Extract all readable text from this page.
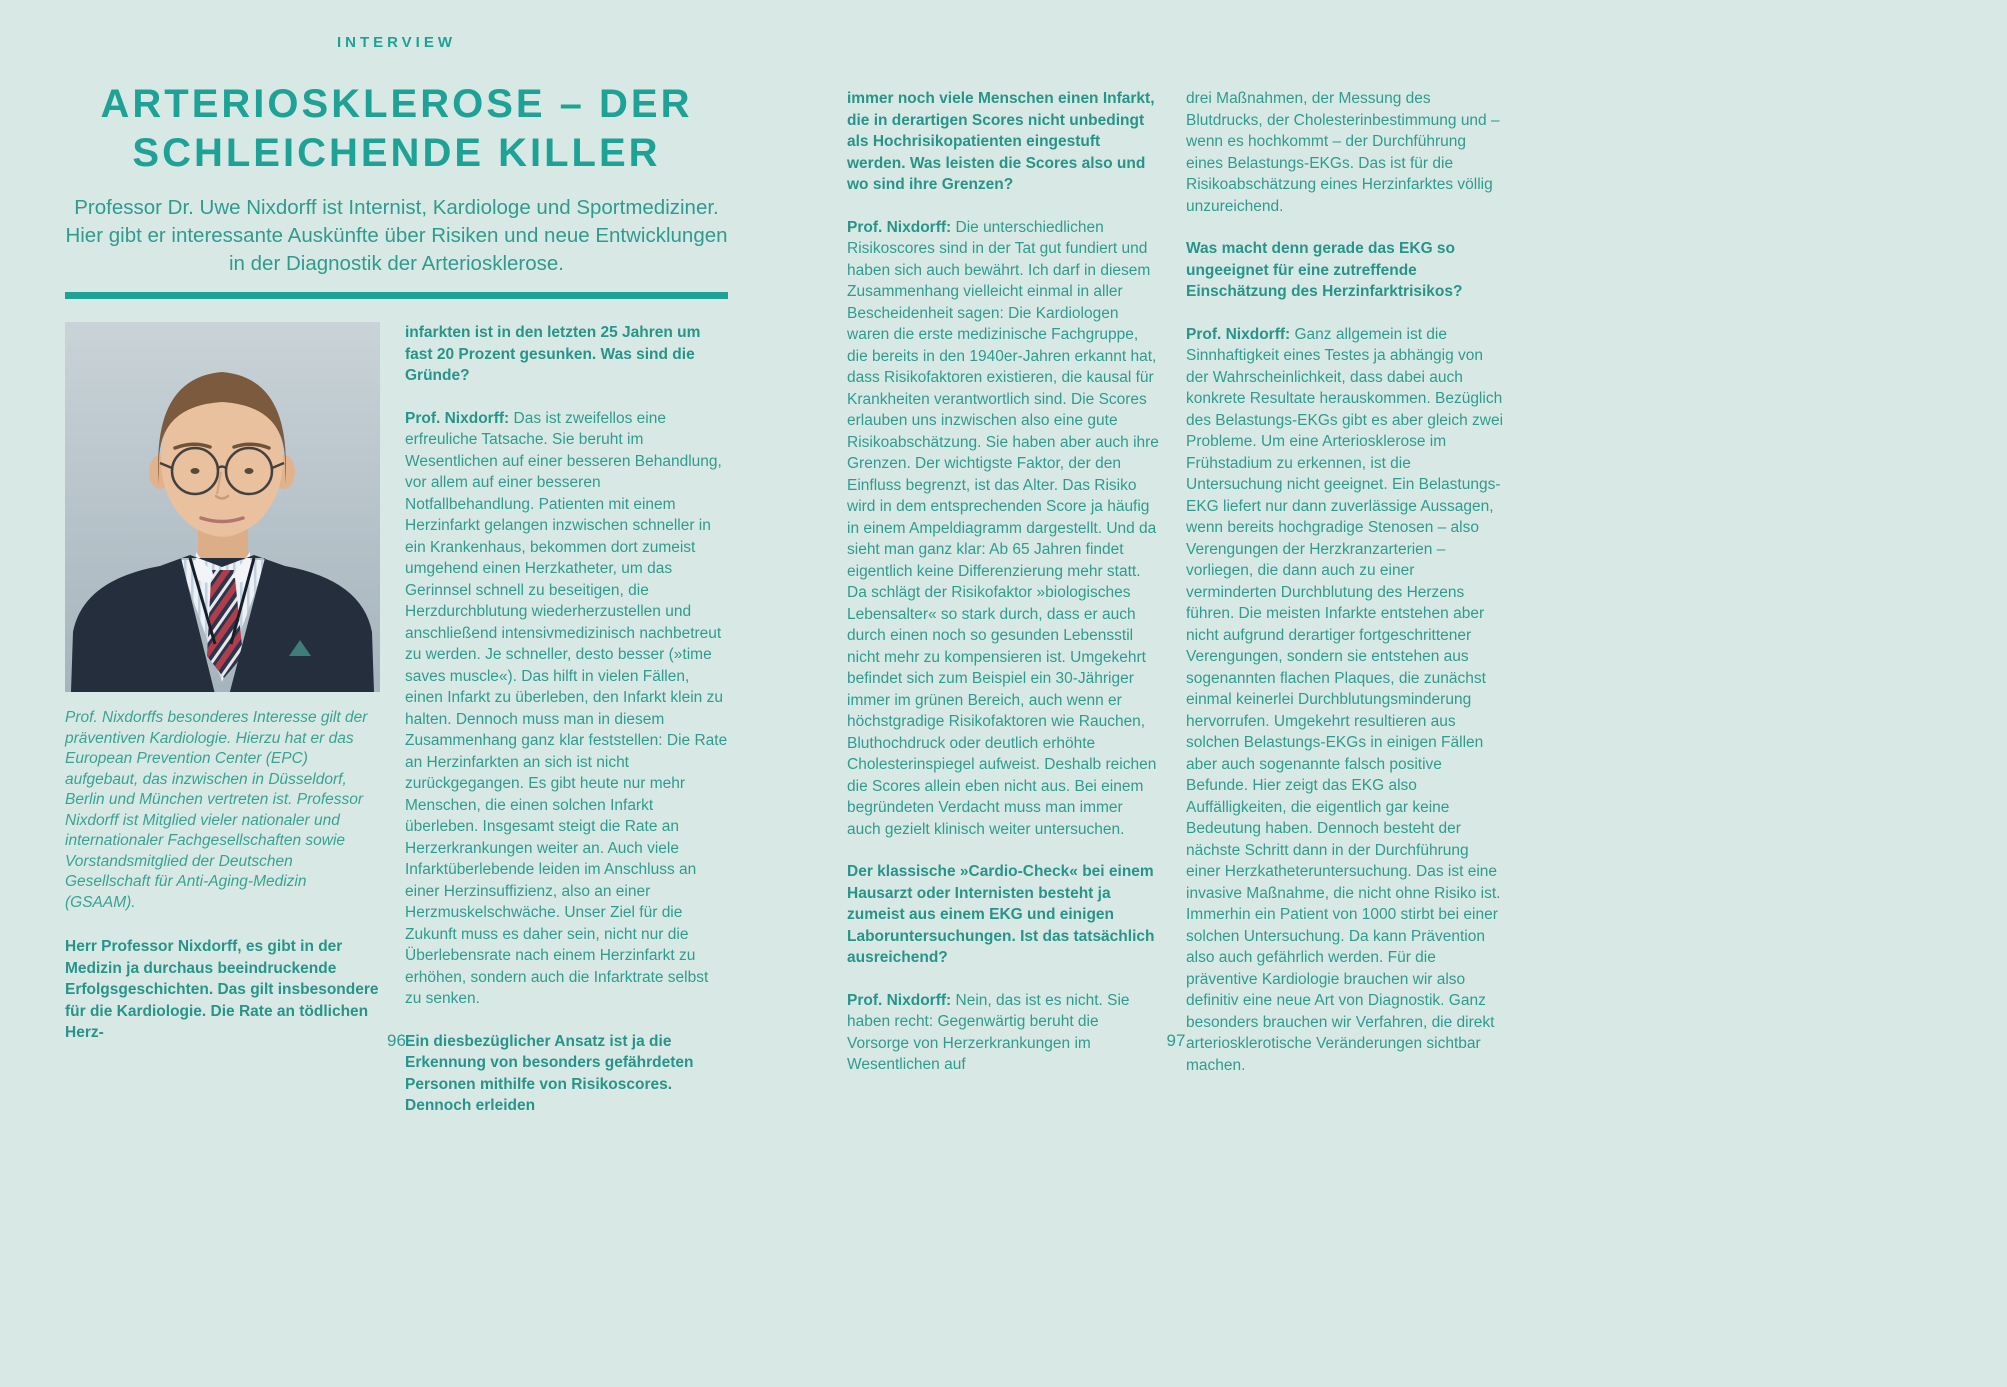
INTERVIEW
ARTERIOSKLEROSE – DER
SCHLEICHENDE KILLER

Professor Dr. Uwe Nixdorff ist Internist, Kardiologe und Sportmediziner. Hier gibt er interessante Auskünfte über Risiken und neue Entwicklungen in der Diagnostik der Arteriosklerose.

Prof. Nixdorffs besonderes Interesse gilt der präventiven Kardiologie. Hierzu hat er das European Prevention Center (EPC) aufgebaut, das inzwischen in Düsseldorf, Berlin und München vertreten ist. Professor Nixdorff ist Mitglied vieler nationaler und internationaler Fachgesellschaften sowie Vorstandsmitglied der Deutschen Gesellschaft für Anti-Aging-Medizin (GSAAM).

Herr Professor Nixdorff, es gibt in der Medizin ja durchaus beeindruckende Erfolgsgeschichten. Das gilt insbesondere für die Kardiologie. Die Rate an tödlichen Herz-

infarkten ist in den letzten 25 Jahren um fast 20 Prozent gesunken. Was sind die Gründe?

Prof. Nixdorff: Das ist zweifellos eine erfreuliche Tatsache. Sie beruht im Wesentlichen auf einer besseren Behandlung, vor allem auf einer besseren Notfallbehandlung. Patienten mit einem Herzinfarkt gelangen inzwischen schneller in ein Krankenhaus, bekommen dort zumeist umgehend einen Herzkatheter, um das Gerinnsel schnell zu beseitigen, die Herzdurchblutung wiederherzustellen und anschließend intensivmedizinisch nachbetreut zu werden. Je schneller, desto besser (»time saves muscle«). Das hilft in vielen Fällen, einen Infarkt zu überleben, den Infarkt klein zu halten. Dennoch muss man in diesem Zusammenhang ganz klar feststellen: Die Rate an Herzinfarkten an sich ist nicht zurückgegangen. Es gibt heute nur mehr Menschen, die einen solchen Infarkt überleben. Insgesamt steigt die Rate an Herzerkrankungen weiter an. Auch viele Infarktüberlebende leiden im Anschluss an einer Herzinsuffizienz, also an einer Herzmuskelschwäche. Unser Ziel für die Zukunft muss es daher sein, nicht nur die Überlebensrate nach einem Herzinfarkt zu erhöhen, sondern auch die Infarktrate selbst zu senken.

Ein diesbezüglicher Ansatz ist ja die Erkennung von besonders gefährdeten Personen mithilfe von Risikoscores. Dennoch erleiden

96

immer noch viele Menschen einen Infarkt, die in derartigen Scores nicht unbedingt als Hochrisikopatienten eingestuft werden. Was leisten die Scores also und wo sind ihre Grenzen?

Prof. Nixdorff: Die unterschiedlichen Risikoscores sind in der Tat gut fundiert und haben sich auch bewährt. Ich darf in diesem Zusammenhang vielleicht einmal in aller Bescheidenheit sagen: Die Kardiologen waren die erste medizinische Fachgruppe, die bereits in den 1940er-Jahren erkannt hat, dass Risikofaktoren existieren, die kausal für Krankheiten verantwortlich sind. Die Scores erlauben uns inzwischen also eine gute Risikoabschätzung. Sie haben aber auch ihre Grenzen. Der wichtigste Faktor, der den Einfluss begrenzt, ist das Alter. Das Risiko wird in dem entsprechenden Score ja häufig in einem Ampeldiagramm dargestellt. Und da sieht man ganz klar: Ab 65 Jahren findet eigentlich keine Differenzierung mehr statt. Da schlägt der Risikofaktor »biologisches Lebensalter« so stark durch, dass er auch durch einen noch so gesunden Lebensstil nicht mehr zu kompensieren ist. Umgekehrt befindet sich zum Beispiel ein 30-Jähriger immer im grünen Bereich, auch wenn er höchstgradige Risikofaktoren wie Rauchen, Bluthochdruck oder deutlich erhöhte Cholesterinspiegel aufweist. Deshalb reichen die Scores allein eben nicht aus. Bei einem begründeten Verdacht muss man immer auch gezielt klinisch weiter untersuchen.

Der klassische »Cardio-Check« bei einem Hausarzt oder Internisten besteht ja zumeist aus einem EKG und einigen Laboruntersuchungen. Ist das tatsächlich ausreichend?

Prof. Nixdorff: Nein, das ist es nicht. Sie haben recht: Gegenwärtig beruht die Vorsorge von Herzerkrankungen im Wesentlichen auf

drei Maßnahmen, der Messung des Blutdrucks, der Cholesterinbestimmung und – wenn es hochkommt – der Durchführung eines Belastungs-EKGs. Das ist für die Risikoabschätzung eines Herzinfarktes völlig unzureichend.

Was macht denn gerade das EKG so ungeeignet für eine zutreffende Einschätzung des Herzinfarktrisikos?

Prof. Nixdorff: Ganz allgemein ist die Sinnhaftigkeit eines Testes ja abhängig von der Wahrscheinlichkeit, dass dabei auch konkrete Resultate herauskommen. Bezüglich des Belastungs-EKGs gibt es aber gleich zwei Probleme. Um eine Arteriosklerose im Frühstadium zu erkennen, ist die Untersuchung nicht geeignet. Ein Belastungs-EKG liefert nur dann zuverlässige Aussagen, wenn bereits hochgradige Stenosen – also Verengungen der Herzkranzarterien – vorliegen, die dann auch zu einer verminderten Durchblutung des Herzens führen. Die meisten Infarkte entstehen aber nicht aufgrund derartiger fortgeschrittener Verengungen, sondern sie entstehen aus sogenannten flachen Plaques, die zunächst einmal keinerlei Durchblutungsminderung hervorrufen. Umgekehrt resultieren aus solchen Belastungs-EKGs in einigen Fällen aber auch sogenannte falsch positive Befunde. Hier zeigt das EKG also Auffälligkeiten, die eigentlich gar keine Bedeutung haben. Dennoch besteht der nächste Schritt dann in der Durchführung einer Herzkatheteruntersuchung. Das ist eine invasive Maßnahme, die nicht ohne Risiko ist. Immerhin ein Patient von 1000 stirbt bei einer solchen Untersuchung. Da kann Prävention also auch gefährlich werden. Für die präventive Kardiologie brauchen wir also definitiv eine neue Art von Diagnostik. Ganz besonders brauchen wir Verfahren, die direkt arteriosklerotische Veränderungen sichtbar machen.

97
